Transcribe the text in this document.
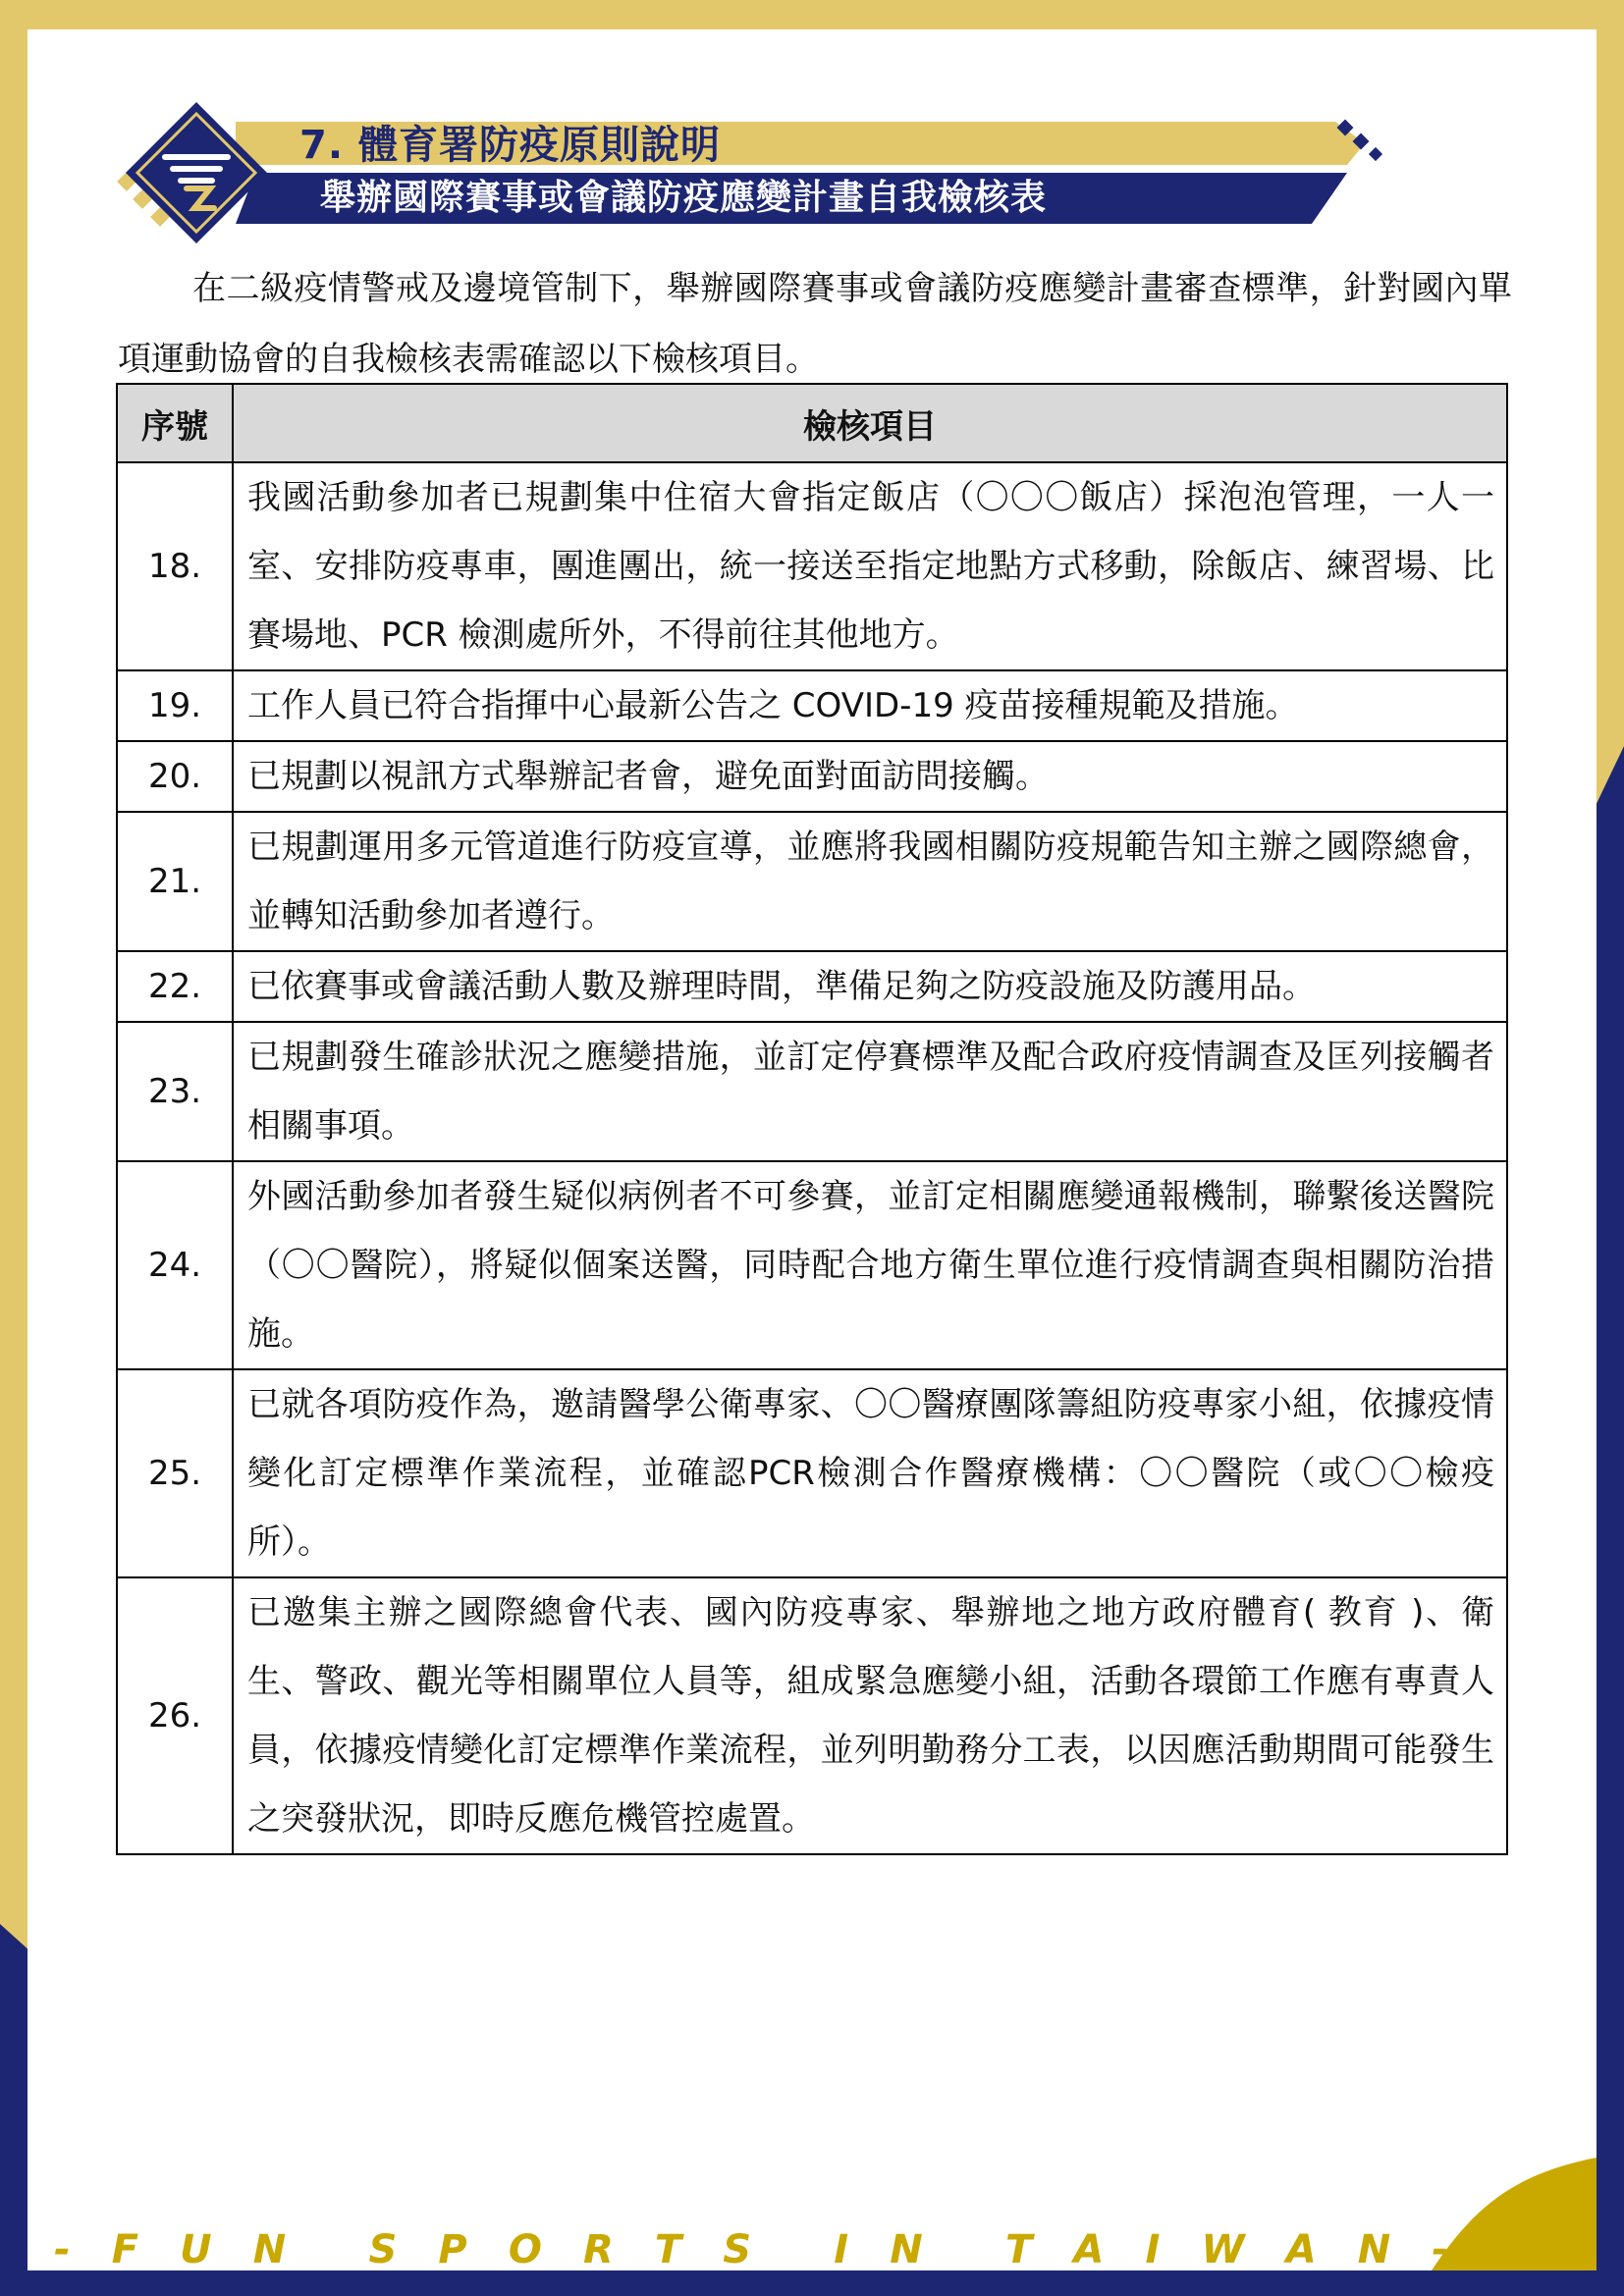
7. 體育署防疫原則說明
舉辦國際賽事或會議防疫應變計畫自我檢核表
在二級疫情警戒及邊境管制下，舉辦國際賽事或會議防疫應變計畫審查標準，針對國內單項運動協會的自我檢核表需確認以下檢核項目。
序號	檢核項目
18.	我國活動參加者已規劃集中住宿大會指定飯店（〇〇〇飯店）採泡泡管理，一人一室、安排防疫專車，團進團出，統一接送至指定地點方式移動，除飯店、練習場、比賽場地、PCR 檢測處所外，不得前往其他地方。
19.	工作人員已符合指揮中心最新公告之 COVID-19 疫苗接種規範及措施。
20.	已規劃以視訊方式舉辦記者會，避免面對面訪問接觸。
21.	已規劃運用多元管道進行防疫宣導，並應將我國相關防疫規範告知主辦之國際總會，並轉知活動參加者遵行。
22.	已依賽事或會議活動人數及辦理時間，準備足夠之防疫設施及防護用品。
23.	已規劃發生確診狀況之應變措施，並訂定停賽標準及配合政府疫情調查及匡列接觸者相關事項。
24.	外國活動參加者發生疑似病例者不可參賽，並訂定相關應變通報機制，聯繫後送醫院（〇〇醫院），將疑似個案送醫，同時配合地方衛生單位進行疫情調查與相關防治措施。
25.	已就各項防疫作為，邀請醫學公衛專家、〇〇醫療團隊籌組防疫專家小組，依據疫情變化訂定標準作業流程，並確認PCR檢測合作醫療機構：〇〇醫院（或〇〇檢疫所）。
26.	已邀集主辦之國際總會代表、國內防疫專家、舉辦地之地方政府體育( 教育 )、衛生、警政、觀光等相關單位人員等，組成緊急應變小組，活動各環節工作應有專責人員，依據疫情變化訂定標準作業流程，並列明勤務分工表，以因應活動期間可能發生之突發狀況，即時反應危機管控處置。
- F U N S P O R T S I N T A I W A N -
